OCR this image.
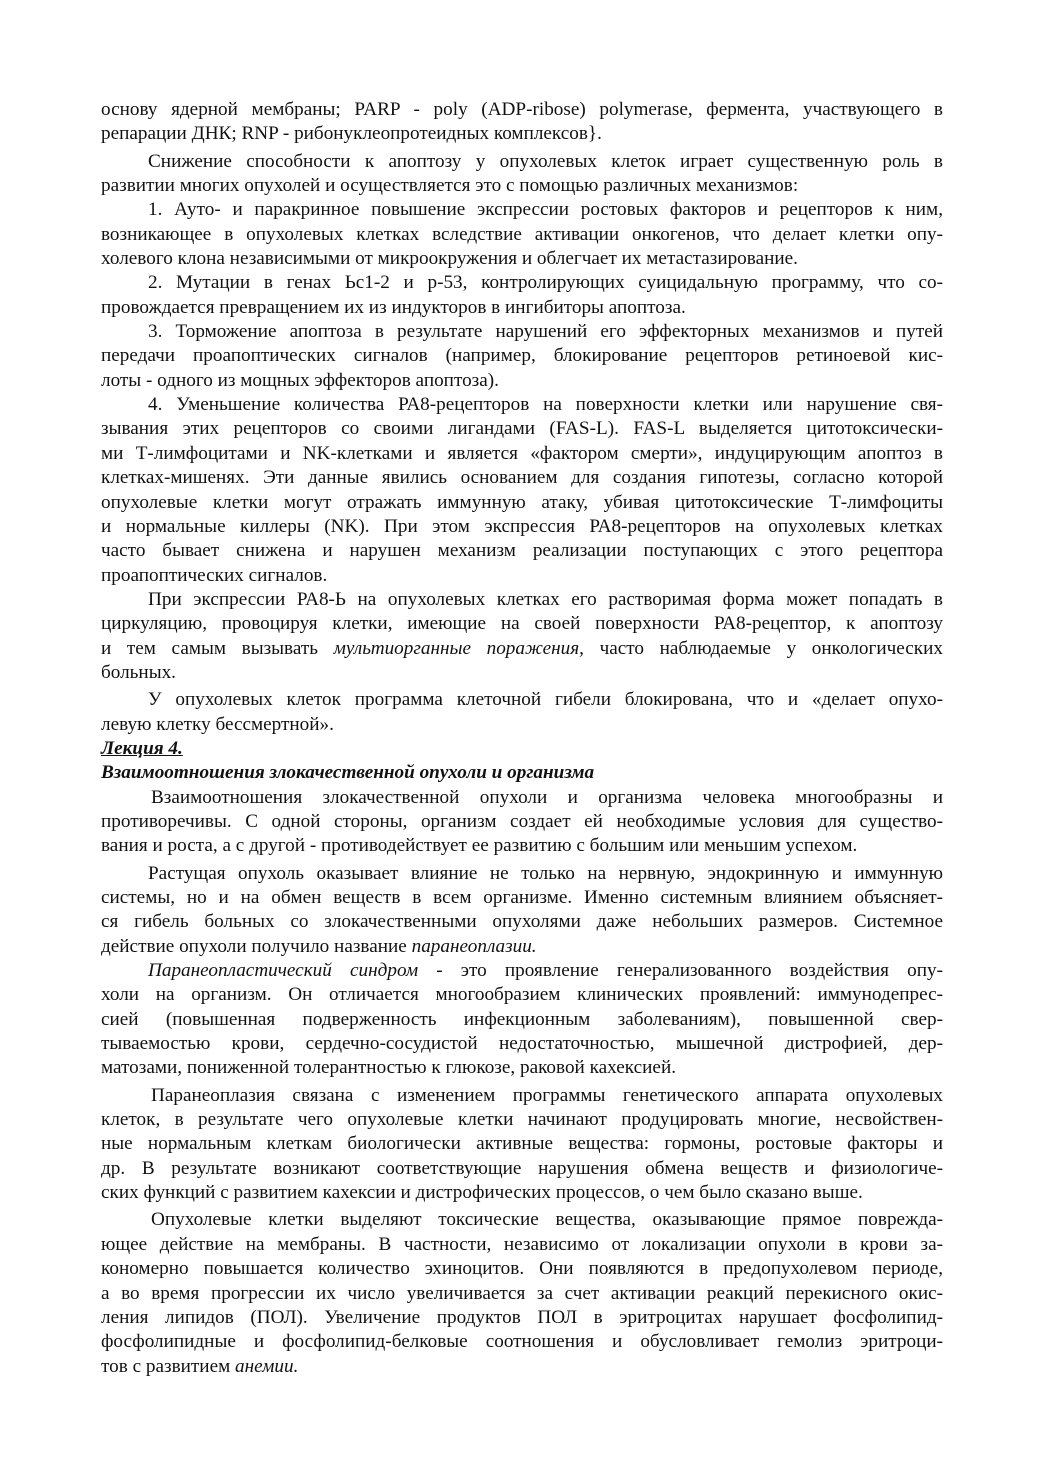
основу ядерной мембраны; PARP - poly (ADP-ribose) polymerase, фермента, участвующего в
репарации ДНК; RNP - рибонуклеопротеидных комплексов}.
Снижение способности к апоптозу у опухолевых клеток играет существенную роль в
развитии многих опухолей и осуществляется это с помощью различных механизмов:
1. Ауто- и паракринное повышение экспрессии ростовых факторов и рецепторов к ним,
возникающее в опухолевых клетках вследствие активации онкогенов, что делает клетки опу-
холевого клона независимыми от микроокружения и облегчает их метастазирование.
2. Мутации в генах Ьс1-2 и р-53, контролирующих суицидальную программу, что со-
провождается превращением их из индукторов в ингибиторы апоптоза.
3. Торможение апоптоза в результате нарушений его эффекторных механизмов и путей
передачи проапоптических сигналов (например, блокирование рецепторов ретиноевой кис-
лоты - одного из мощных эффекторов апоптоза).
4. Уменьшение количества РА8-рецепторов на поверхности клетки или нарушение свя-
зывания этих рецепторов со своими лигандами (FAS-L). FAS-L выделяется цитотоксически-
ми Т-лимфоцитами и NK-клетками и является «фактором смерти», индуцирующим апоптоз в
клетках-мишенях. Эти данные явились основанием для создания гипотезы, согласно которой
опухолевые клетки могут отражать иммунную атаку, убивая цитотоксические Т-лимфоциты
и нормальные киллеры (NK). При этом экспрессия РА8-рецепторов на опухолевых клетках
часто бывает снижена и нарушен механизм реализации поступающих с этого рецептора
проапоптических сигналов.
При экспрессии РА8-Ь на опухолевых клетках его растворимая форма может попадать в
циркуляцию, провоцируя клетки, имеющие на своей поверхности РА8-рецептор, к апоптозу
и тем самым вызывать мультиорганные поражения, часто наблюдаемые у онкологических
больных.
У опухолевых клеток программа клеточной гибели блокирована, что и «делает опухо-
левую клетку бессмертной».
Лекция 4.
Взаимоотношения злокачественной опухоли и организма
Взаимоотношения злокачественной опухоли и организма человека многообразны и
противоречивы. С одной стороны, организм создает ей необходимые условия для существо-
вания и роста, а с другой - противодействует ее развитию с большим или меньшим успехом.
Растущая опухоль оказывает влияние не только на нервную, эндокринную и иммунную
системы, но и на обмен веществ в всем организме. Именно системным влиянием объясняет-
ся гибель больных со злокачественными опухолями даже небольших размеров. Системное
действие опухоли получило название паранеоплазии.
Паранеопластический синдром - это проявление генерализованного воздействия опу-
холи на организм. Он отличается многообразием клинических проявлений: иммунодепрес-
сией (повышенная подверженность инфекционным заболеваниям), повышенной свер-
тываемостью крови, сердечно-сосудистой недостаточностью, мышечной дистрофией, дер-
матозами, пониженной толерантностью к глюкозе, раковой кахексией.
Паранеоплазия связана с изменением программы генетического аппарата опухолевых
клеток, в результате чего опухолевые клетки начинают продуцировать многие, несвойствен-
ные нормальным клеткам биологически активные вещества: гормоны, ростовые факторы и
др. В результате возникают соответствующие нарушения обмена веществ и физиологиче-
ских функций с развитием кахексии и дистрофических процессов, о чем было сказано выше.
Опухолевые клетки выделяют токсические вещества, оказывающие прямое поврежда-
ющее действие на мембраны. В частности, независимо от локализации опухоли в крови за-
кономерно повышается количество эхиноцитов. Они появляются в предопухолевом периоде,
а во время прогрессии их число увеличивается за счет активации реакций перекисного окис-
ления липидов (ПОЛ). Увеличение продуктов ПОЛ в эритроцитах нарушает фосфолипид-
фосфолипидные и фосфолипид-белковые соотношения и обусловливает гемолиз эритроци-
тов с развитием анемии.
